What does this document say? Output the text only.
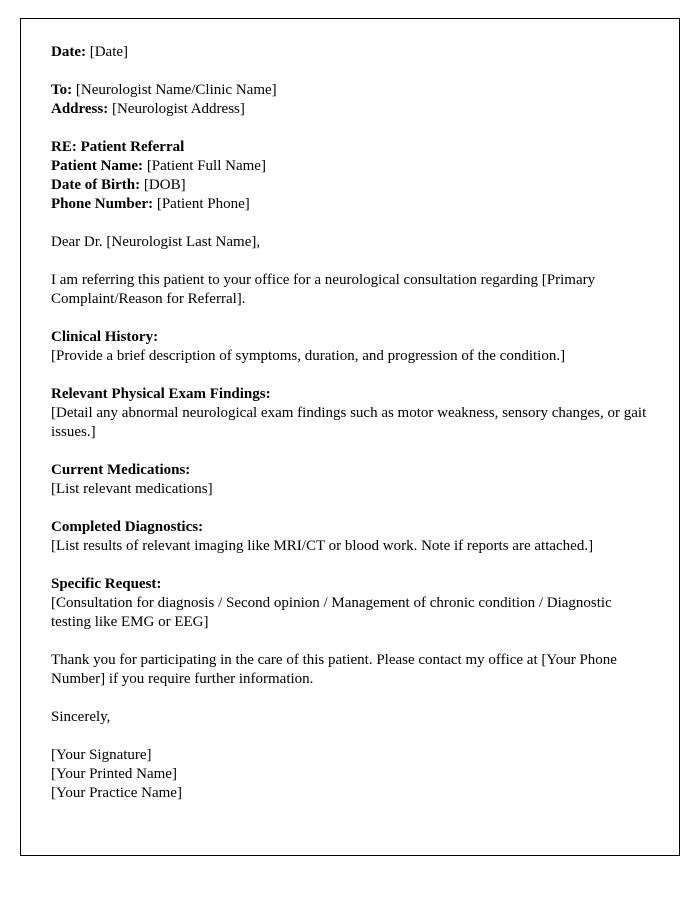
Date: [Date]
To: [Neurologist Name/Clinic Name]
Address: [Neurologist Address]
RE: Patient Referral
Patient Name: [Patient Full Name]
Date of Birth: [DOB]
Phone Number: [Patient Phone]
Dear Dr. [Neurologist Last Name],
I am referring this patient to your office for a neurological consultation regarding [Primary Complaint/Reason for Referral].
Clinical History:
[Provide a brief description of symptoms, duration, and progression of the condition.]
Relevant Physical Exam Findings:
[Detail any abnormal neurological exam findings such as motor weakness, sensory changes, or gait issues.]
Current Medications:
[List relevant medications]
Completed Diagnostics:
[List results of relevant imaging like MRI/CT or blood work. Note if reports are attached.]
Specific Request:
[Consultation for diagnosis / Second opinion / Management of chronic condition / Diagnostic testing like EMG or EEG]
Thank you for participating in the care of this patient. Please contact my office at [Your Phone Number] if you require further information.
Sincerely,
[Your Signature]
[Your Printed Name]
[Your Practice Name]
